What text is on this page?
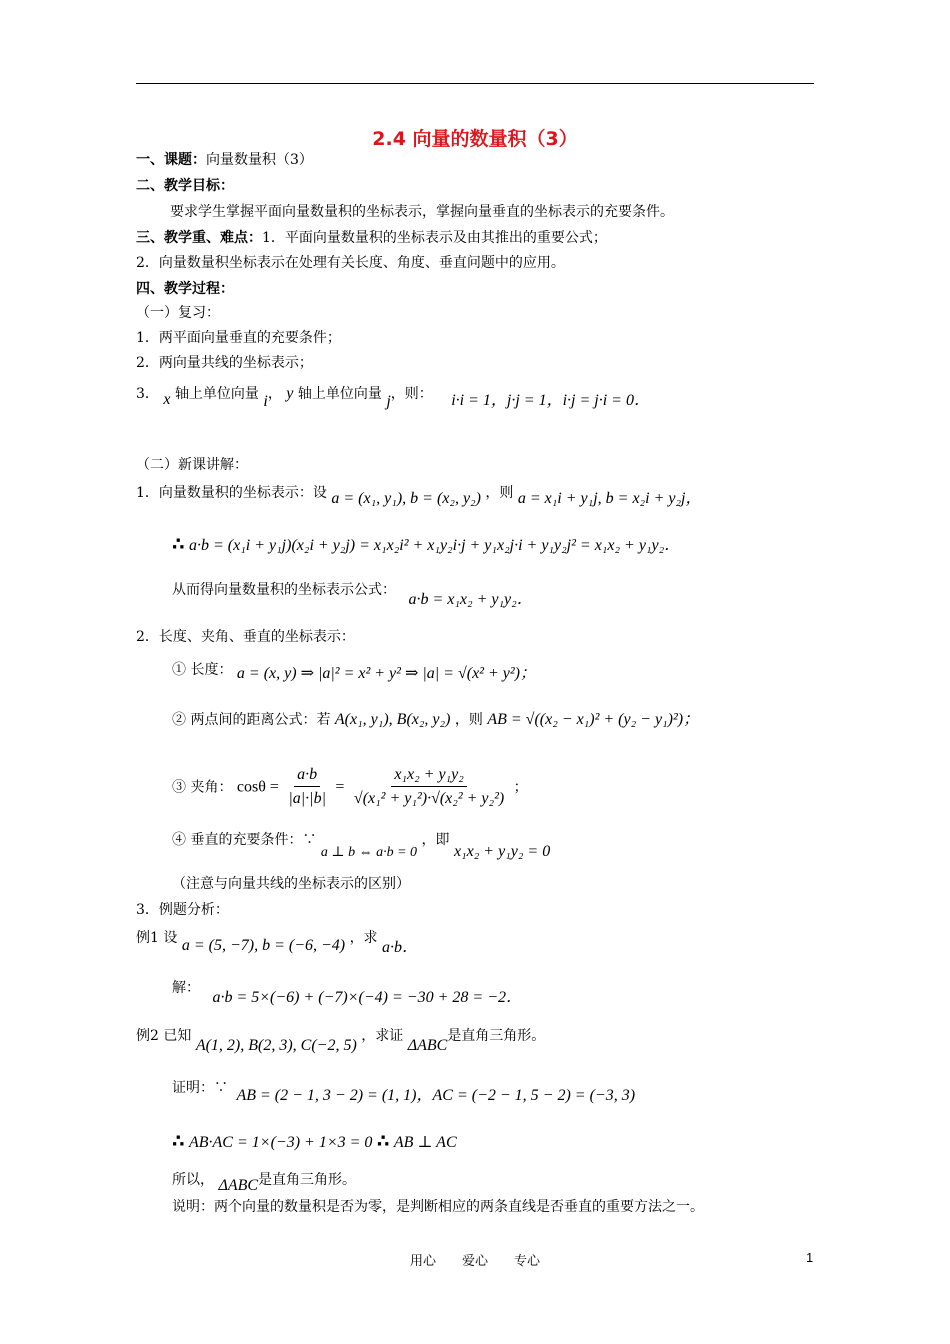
2.4 向量的数量积（3）
一、课题：向量数量积（3）
二、教学目标：
要求学生掌握平面向量数量积的坐标表示，掌握向量垂直的坐标表示的充要条件。
三、教学重、难点：1．平面向量数量积的坐标表示及由其推出的重要公式；
2．向量数量积坐标表示在处理有关长度、角度、垂直问题中的应用。
四、教学过程：
（一）复习：
1．两平面向量垂直的充要条件；
2．两向量共线的坐标表示；
3． x 轴上单位向量 i， y 轴上单位向量 j，则： i·i = 1，j·j = 1，i·j = j·i = 0．
（二）新课讲解：
1．向量数量积的坐标表示：设 a = (x₁, y₁), b = (x₂, y₂) ，则 a = x₁i + y₁j, b = x₂i + y₂j，
∴ a·b = (x₁i + y₁j)(x₂i + y₂j) = x₁x₂i² + x₁y₂i·j + y₁x₂j·i + y₁y₂j² = x₁x₂ + y₁y₂．
从而得向量数量积的坐标表示公式： a·b = x₁x₂ + y₁y₂．
2．长度、夹角、垂直的坐标表示：
① 长度： a = (x, y) ⇒ |a|² = x² + y² ⇒ |a| = √(x² + y²)；
② 两点间的距离公式：若 A(x₁, y₁), B(x₂, y₂) ，则 AB = √((x₂ − x₁)² + (y₂ − y₁)²)；
③ 夹角： $\cos\theta = \frac{a\cdot b}{|a|\cdot|b|} = \frac{\text{x₁x₂ + y₁y₂}}{\text{√(x₁² + y₁²)·√(x₂² + y₂²)}}$ ；
④ 垂直的充要条件：∵ a ⊥ b ⇔ a·b = 0 ，即 x₁x₂ + y₁y₂ = 0
（注意与向量共线的坐标表示的区别）
3．例题分析：
例1 设 a = (5, −7), b = (−6, −4) ，求 a·b．
解： a·b = 5×(−6) + (−7)×(−4) = −30 + 28 = −2．
例2 已知 A(1, 2), B(2, 3), C(−2, 5) ，求证 ΔABC是直角三角形。
证明：∵ AB = (2 − 1, 3 − 2) = (1, 1)，AC = (−2 − 1, 5 − 2) = (−3, 3)
∴ AB·AC = 1×(−3) + 1×3 = 0 ∴ AB ⊥ AC
所以， ΔABC是直角三角形。
说明：两个向量的数量积是否为零，是判断相应的两条直线是否垂直的重要方法之一。
用心　　爱心　　专心	1
